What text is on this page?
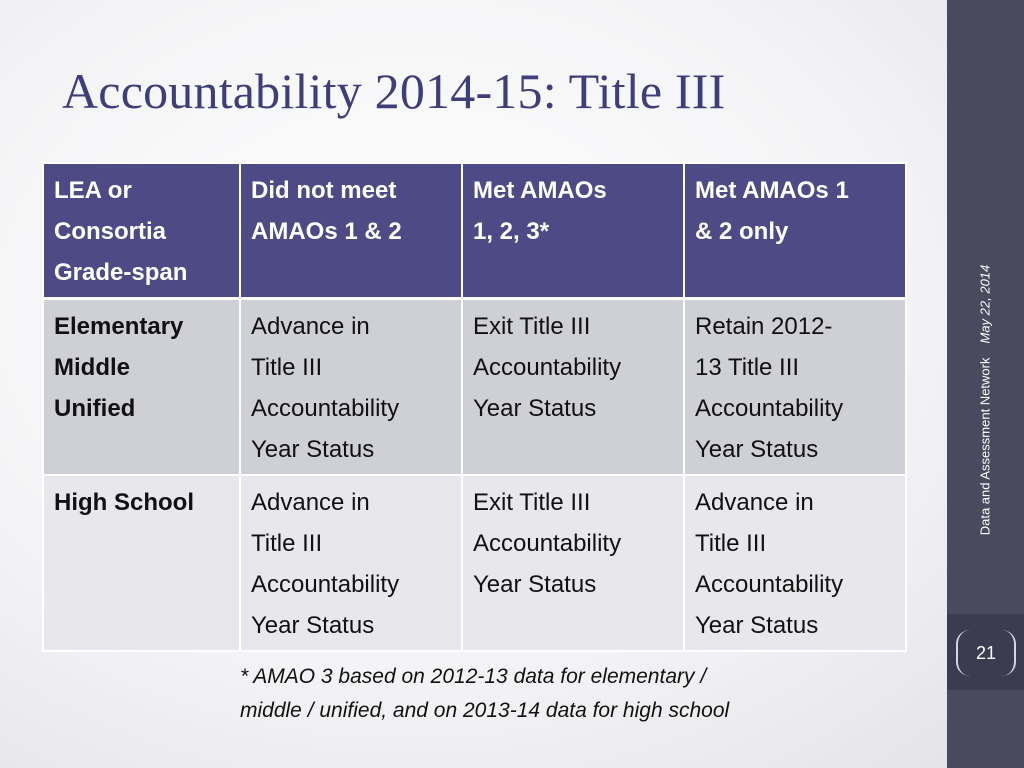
Accountability 2014-15: Title III
LEA or
Consortia
Grade-span	Did not meet
AMAOs 1 & 2	Met AMAOs
1, 2, 3*	Met AMAOs 1
& 2 only

Elementary
Middle
Unified	Advance in
Title III
Accountability
Year Status	Exit Title III
Accountability
Year Status	Retain 2012-
13 Title III
Accountability
Year Status

High School	Advance in
Title III
Accountability
Year Status	Exit Title III
Accountability
Year Status	Advance in
Title III
Accountability
Year Status
* AMAO 3 based on 2012-13 data for elementary /
middle / unified, and on 2013-14 data for high school
Data and Assessment NetworkMay 22, 2014
21
